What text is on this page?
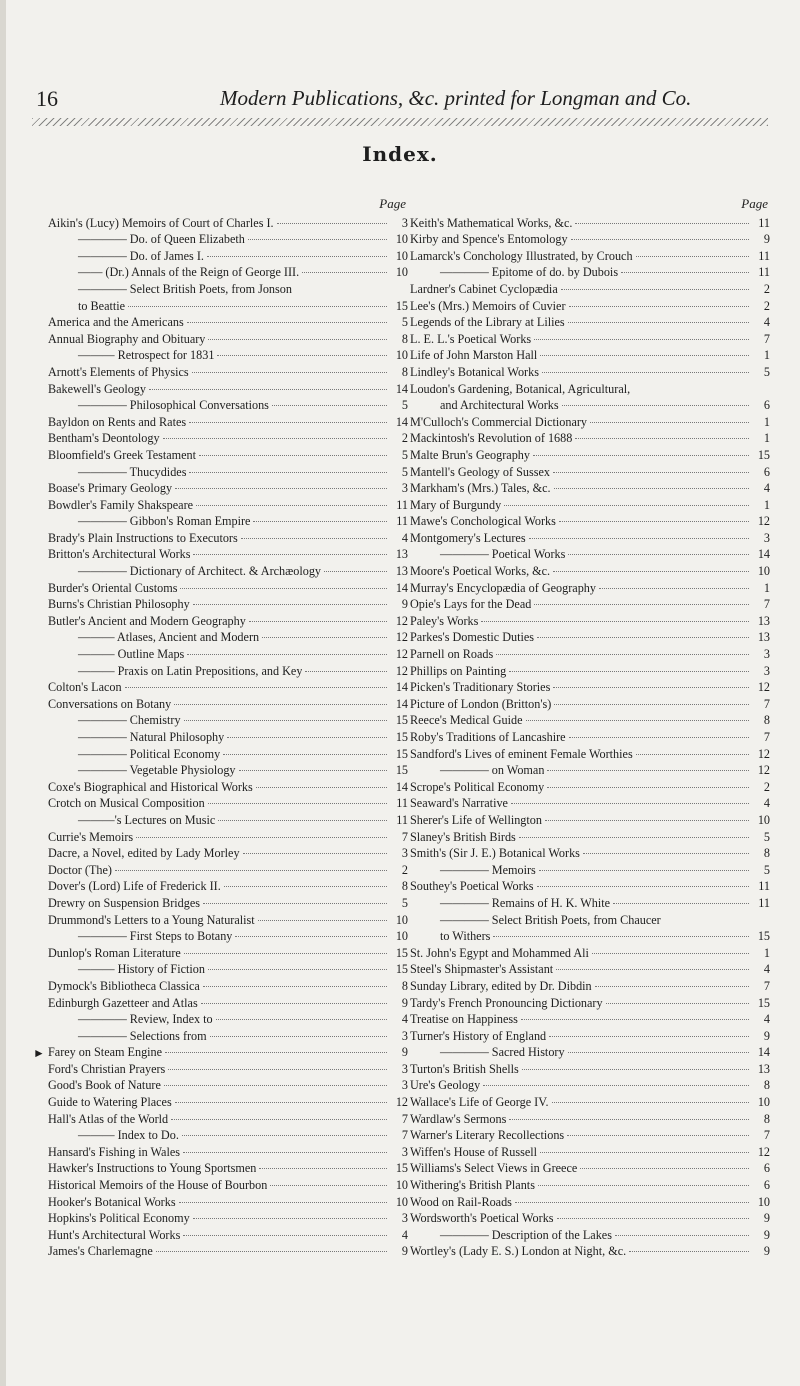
16	Modern Publications, &c. printed for Longman and Co.
Index.
Page
Aikin's (Lucy) Memoirs of Court of Charles I.	3
———— Do. of Queen Elizabeth	10
———— Do. of James I.	10
—— (Dr.) Annals of the Reign of George III.	10
———— Select British Poets, from Jonson
to Beattie	15
America and the Americans	5
Annual Biography and Obituary	8
——— Retrospect for 1831	10
Arnott's Elements of Physics	8
Bakewell's Geology	14
———— Philosophical Conversations	5
Bayldon on Rents and Rates	14
Bentham's Deontology	2
Bloomfield's Greek Testament	5
———— Thucydides	5
Boase's Primary Geology	3
Bowdler's Family Shakspeare	11
———— Gibbon's Roman Empire	11
Brady's Plain Instructions to Executors	4
Britton's Architectural Works	13
———— Dictionary of Architect. & Archæology	13
Burder's Oriental Customs	14
Burns's Christian Philosophy	9
Butler's Ancient and Modern Geography	12
——— Atlases, Ancient and Modern	12
——— Outline Maps	12
——— Praxis on Latin Prepositions, and Key	12
Colton's Lacon	14
Conversations on Botany	14
———— Chemistry	15
———— Natural Philosophy	15
———— Political Economy	15
———— Vegetable Physiology	15
Coxe's Biographical and Historical Works	14
Crotch on Musical Composition	11
———'s Lectures on Music	11
Currie's Memoirs	7
Dacre, a Novel, edited by Lady Morley	3
Doctor (The)	2
Dover's (Lord) Life of Frederick II.	8
Drewry on Suspension Bridges	5
Drummond's Letters to a Young Naturalist	10
———— First Steps to Botany	10
Dunlop's Roman Literature	15
——— History of Fiction	15
Dymock's Bibliotheca Classica	8
Edinburgh Gazetteer and Atlas	9
———— Review, Index to	4
———— Selections from	3
Farey on Steam Engine	9
Ford's Christian Prayers	3
Good's Book of Nature	3
Guide to Watering Places	12
Hall's Atlas of the World	7
——— Index to Do.	7
Hansard's Fishing in Wales	3
Hawker's Instructions to Young Sportsmen	15
Historical Memoirs of the House of Bourbon	10
Hooker's Botanical Works	10
Hopkins's Political Economy	3
Hunt's Architectural Works	4
James's Charlemagne	9
Page
Keith's Mathematical Works, &c.	11
Kirby and Spence's Entomology	9
Lamarck's Conchology Illustrated, by Crouch	11
———— Epitome of do. by Dubois	11
Lardner's Cabinet Cyclopædia	2
Lee's (Mrs.) Memoirs of Cuvier	2
Legends of the Library at Lilies	4
L. E. L.'s Poetical Works	7
Life of John Marston Hall	1
Lindley's Botanical Works	5
Loudon's Gardening, Botanical, Agricultural,
and Architectural Works	6
M'Culloch's Commercial Dictionary	1
Mackintosh's Revolution of 1688	1
Malte Brun's Geography	15
Mantell's Geology of Sussex	6
Markham's (Mrs.) Tales, &c.	4
Mary of Burgundy	1
Mawe's Conchological Works	12
Montgomery's Lectures	3
———— Poetical Works	14
Moore's Poetical Works, &c.	10
Murray's Encyclopædia of Geography	1
Opie's Lays for the Dead	7
Paley's Works	13
Parkes's Domestic Duties	13
Parnell on Roads	3
Phillips on Painting	3
Picken's Traditionary Stories	12
Picture of London (Britton's)	7
Reece's Medical Guide	8
Roby's Traditions of Lancashire	7
Sandford's Lives of eminent Female Worthies	12
———— on Woman	12
Scrope's Political Economy	2
Seaward's Narrative	4
Sherer's Life of Wellington	10
Slaney's British Birds	5
Smith's (Sir J. E.) Botanical Works	8
———— Memoirs	5
Southey's Poetical Works	11
———— Remains of H. K. White	11
———— Select British Poets, from Chaucer
to Withers	15
St. John's Egypt and Mohammed Ali	1
Steel's Shipmaster's Assistant	4
Sunday Library, edited by Dr. Dibdin	7
Tardy's French Pronouncing Dictionary	15
Treatise on Happiness	4
Turner's History of England	9
———— Sacred History	14
Turton's British Shells	13
Ure's Geology	8
Wallace's Life of George IV.	10
Wardlaw's Sermons	8
Warner's Literary Recollections	7
Wiffen's House of Russell	12
Williams's Select Views in Greece	6
Withering's British Plants	6
Wood on Rail-Roads	10
Wordsworth's Poetical Works	9
———— Description of the Lakes	9
Wortley's (Lady E. S.) London at Night, &c.	9
►
